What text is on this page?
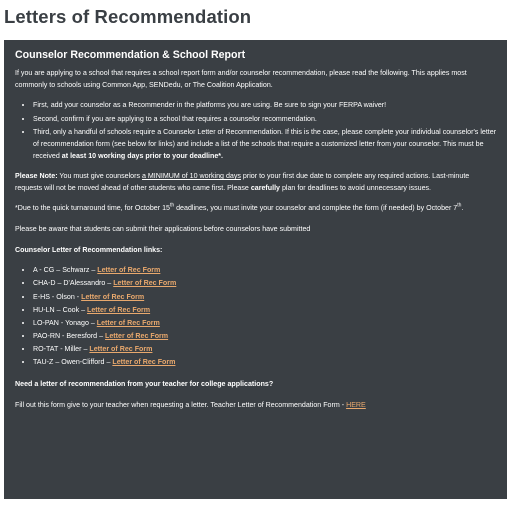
Letters of Recommendation
Counselor Recommendation & School Report

If you are applying to a school that requires a school report form and/or counselor recommendation, please read the following. This applies most commonly to schools using Common App, SENDedu, or The Coalition Application.

• First, add your counselor as a Recommender in the platforms you are using. Be sure to sign your FERPA waiver!
• Second, confirm if you are applying to a school that requires a counselor recommendation.
• Third, only a handful of schools require a Counselor Letter of Recommendation. If this is the case, please complete your individual counselor's letter of recommendation form (see below for links) and include a list of the schools that require a customized letter from your counselor. This must be received at least 10 working days prior to your deadline*.

Please Note: You must give counselors a MINIMUM of 10 working days prior to your first due date to complete any required actions. Last-minute requests will not be moved ahead of other students who came first. Please carefully plan for deadlines to avoid unnecessary issues.

*Due to the quick turnaround time, for October 15th deadlines, you must invite your counselor and complete the form (if needed) by October 7th.

Please be aware that students can submit their applications before counselors have submitted

Counselor Letter of Recommendation links:

• A - CG – Schwarz – Letter of Rec Form
• CHA-D – D'Alessandro – Letter of Rec Form
• E-HS - Olson - Letter of Rec Form
• HU-LN – Cook – Letter of Rec Form
• LO-PAN - Yonago – Letter of Rec Form
• PAO-RN - Beresford – Letter of Rec Form
• RO-TAT - Miller – Letter of Rec Form
• TAU-Z – Owen-Clifford – Letter of Rec Form

Need a letter of recommendation from your teacher for college applications?

Fill out this form give to your teacher when requesting a letter. Teacher Letter of Recommendation Form - HERE
